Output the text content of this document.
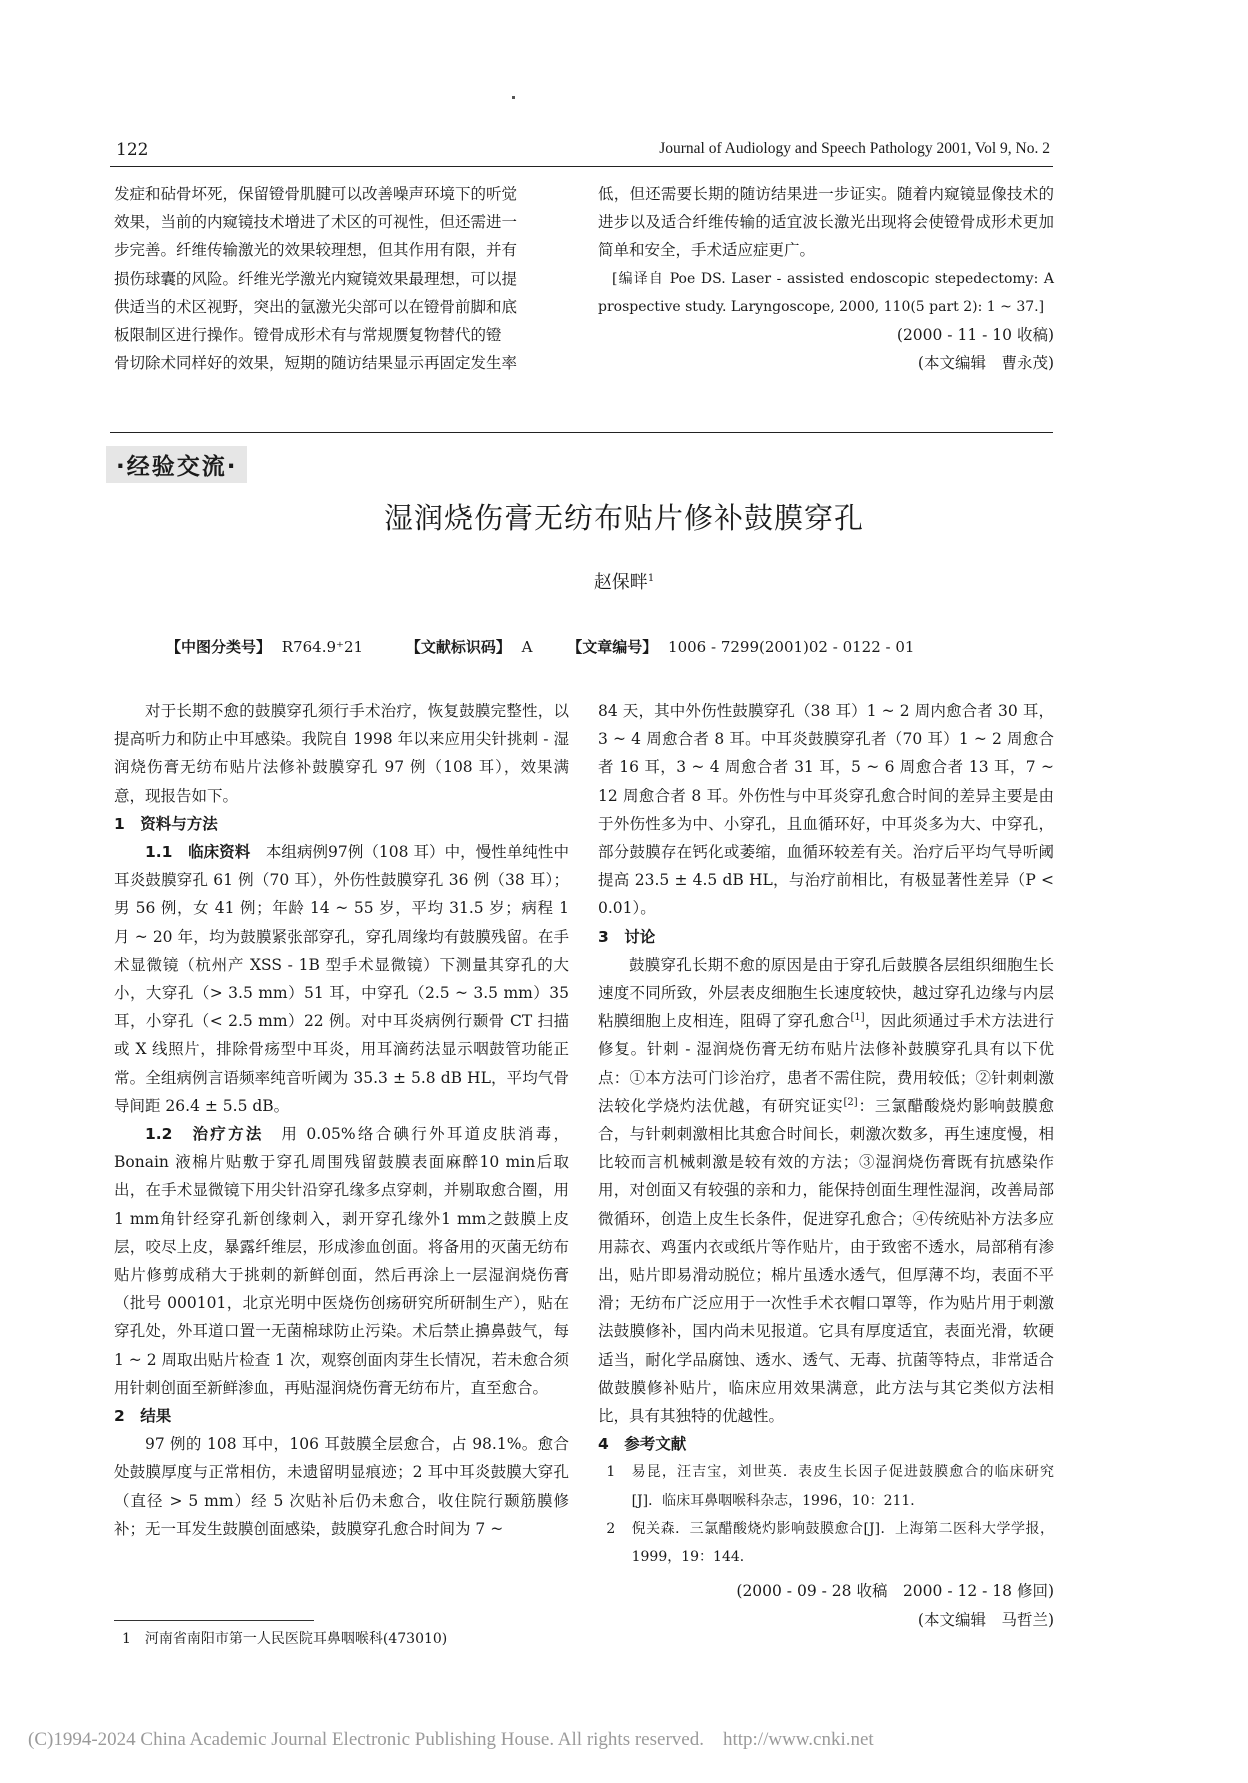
122	Journal of Audiology and Speech Pathology 2001, Vol 9, No. 2
发症和砧骨坏死，保留镫骨肌腱可以改善噪声环境下的听觉
效果，当前的内窥镜技术增进了术区的可视性，但还需进一
步完善。纤维传输激光的效果较理想，但其作用有限，并有
损伤球囊的风险。纤维光学激光内窥镜效果最理想，可以提
供适当的术区视野，突出的氩激光尖部可以在镫骨前脚和底
板限制区进行操作。镫骨成形术有与常规赝复物替代的镫
骨切除术同样好的效果，短期的随访结果显示再固定发生率

低，但还需要长期的随访结果进一步证实。随着内窥镜显像技术的进步以及适合纤维传输的适宜波长激光出现将会使镫骨成形术更加简单和安全，手术适应症更广。

[编译自 Poe DS. Laser - assisted endoscopic stepedectomy: A prospective study. Laryngoscope, 2000, 110(5 part 2): 1 ~ 37.]

(2000 - 11 - 10 收稿)
(本文编辑　曹永茂)
·经验交流·
湿润烧伤膏无纺布贴片修补鼓膜穿孔
赵保畔$^1$
【中图分类号】 R764.9⁺21	【文献标识码】 A 【文章编号】 1006 - 7299(2001)02 - 0122 - 01

对于长期不愈的鼓膜穿孔须行手术治疗，恢复鼓膜完整性，以提高听力和防止中耳感染。我院自 1998 年以来应用尖针挑刺 - 湿润烧伤膏无纺布贴片法修补鼓膜穿孔 97 例（108 耳），效果满意，现报告如下。

1　资料与方法

1.1　临床资料　 本组病例97例（108 耳）中，慢性单纯性中耳炎鼓膜穿孔 61 例（70 耳），外伤性鼓膜穿孔 36 例（38 耳）；男 56 例，女 41 例；年龄 14 ~ 55 岁，平均 31.5 岁；病程 1 月 ~ 20 年，均为鼓膜紧张部穿孔，穿孔周缘均有鼓膜残留。在手术显微镜（杭州产 XSS - 1B 型手术显微镜）下测量其穿孔的大小，大穿孔（> 3.5 mm）51 耳，中穿孔（2.5 ~ 3.5 mm）35 耳，小穿孔（< 2.5 mm）22 例。对中耳炎病例行颞骨 CT 扫描或 X 线照片，排除骨疡型中耳炎，用耳滴药法显示咽鼓管功能正常。全组病例言语频率纯音听阈为 35.3 ± 5.8 dB HL，平均气骨导间距 26.4 ± 5.5 dB。

1.2　治疗方法　 用 0.05%络合碘行外耳道皮肤消毒，Bonain 液棉片贴敷于穿孔周围残留鼓膜表面麻醉10 min后取出，在手术显微镜下用尖针沿穿孔缘多点穿刺，并剔取愈合圈，用 1 mm角针经穿孔新创缘刺入，剥开穿孔缘外1 mm之鼓膜上皮层，咬尽上皮，暴露纤维层，形成渗血创面。将备用的灭菌无纺布贴片修剪成稍大于挑刺的新鲜创面，然后再涂上一层湿润烧伤膏（批号 000101，北京光明中医烧伤创疡研究所研制生产），贴在穿孔处，外耳道口置一无菌棉球防止污染。术后禁止擤鼻鼓气，每 1 ~ 2 周取出贴片检查 1 次，观察创面肉芽生长情况，若未愈合须用针刺创面至新鲜渗血，再贴湿润烧伤膏无纺布片，直至愈合。

2　结果

97 例的 108 耳中，106 耳鼓膜全层愈合，占 98.1%。愈合处鼓膜厚度与正常相仿，未遗留明显痕迹；2 耳中耳炎鼓膜大穿孔（直径 > 5 mm）经 5 次贴补后仍未愈合，收住院行颞筋膜修补；无一耳发生鼓膜创面感染，鼓膜穿孔愈合时间为 7 ~

84 天，其中外伤性鼓膜穿孔（38 耳）1 ~ 2 周内愈合者 30 耳，3 ~ 4 周愈合者 8 耳。中耳炎鼓膜穿孔者（70 耳）1 ~ 2 周愈合者 16 耳，3 ~ 4 周愈合者 31 耳，5 ~ 6 周愈合者 13 耳，7 ~ 12 周愈合者 8 耳。外伤性与中耳炎穿孔愈合时间的差异主要是由于外伤性多为中、小穿孔，且血循环好，中耳炎多为大、中穿孔，部分鼓膜存在钙化或萎缩，血循环较差有关。治疗后平均气导听阈提高 23.5 ± 4.5 dB HL，与治疗前相比，有极显著性差异（P < 0.01）。

3　讨论

鼓膜穿孔长期不愈的原因是由于穿孔后鼓膜各层组织细胞生长速度不同所致，外层表皮细胞生长速度较快，越过穿孔边缘与内层粘膜细胞上皮相连，阻碍了穿孔愈合[1]，因此须通过手术方法进行修复。针刺 - 湿润烧伤膏无纺布贴片法修补鼓膜穿孔具有以下优点：①本方法可门诊治疗，患者不需住院，费用较低；②针刺刺激法较化学烧灼法优越，有研究证实[2]：三氯醋酸烧灼影响鼓膜愈合，与针刺刺激相比其愈合时间长，刺激次数多，再生速度慢，相比较而言机械刺激是较有效的方法；③湿润烧伤膏既有抗感染作用，对创面又有较强的亲和力，能保持创面生理性湿润，改善局部微循环，创造上皮生长条件，促进穿孔愈合；④传统贴补方法多应用蒜衣、鸡蛋内衣或纸片等作贴片，由于致密不透水，局部稍有渗出，贴片即易滑动脱位；棉片虽透水透气，但厚薄不均，表面不平滑；无纺布广泛应用于一次性手术衣帽口罩等，作为贴片用于刺激法鼓膜修补，国内尚未见报道。它具有厚度适宜，表面光滑，软硬适当，耐化学品腐蚀、透水、透气、无毒、抗菌等特点，非常适合做鼓膜修补贴片，临床应用效果满意，此方法与其它类似方法相比，具有其独特的优越性。

4　参考文献

1 易昆，汪吉宝，刘世英．表皮生长因子促进鼓膜愈合的临床研究[J]．临床耳鼻咽喉科杂志，1996，10：211．

2 倪关森．三氯醋酸烧灼影响鼓膜愈合[J]．上海第二医科大学学报，1999，19：144．

(2000 - 09 - 28 收稿　2000 - 12 - 18 修回)
(本文编辑　马哲兰)
1　河南省南阳市第一人民医院耳鼻咽喉科(473010)
(C)1994-2024 China Academic Journal Electronic Publishing House. All rights reserved.　http://www.cnki.net
